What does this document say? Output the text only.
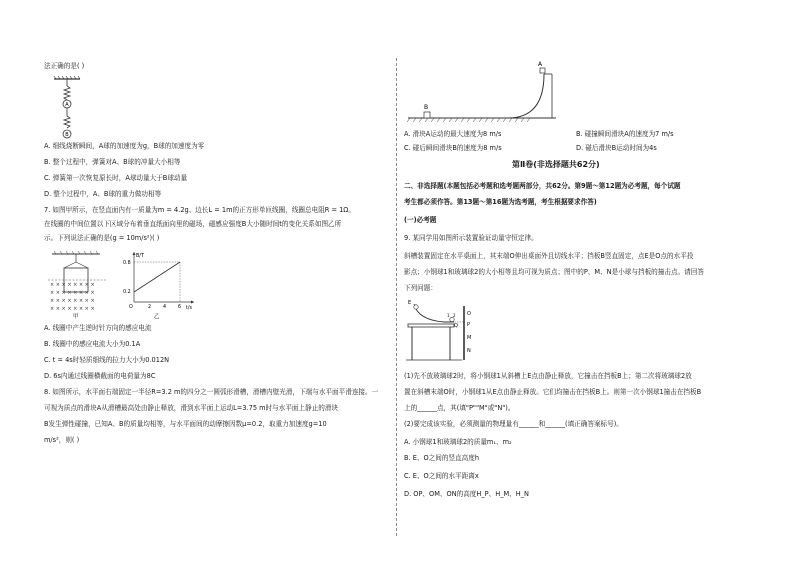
法正确的是( )
A
B
A. 细线烧断瞬间，A球的加速度为g，B球的加速度为零
B. 整个过程中，弹簧对A、B球的冲量大小相等
C. 弹簧第一次恢复原长时，A球动量大于B球动量
D. 整个过程中，A、B球的重力做功相等
7. 如图甲所示，在竖直面内有一质量为m = 4.2g、边长L = 1m的正方形单匝线圈，线圈总电阻R = 1Ω。
在线圈的中间位置以下区域分布着垂直纸面向里的磁场，磁感应强度B大小随时间t的变化关系如图乙所
示。下列说法正确的是(g = 10m/s²)( )
× × × × × × × ×
× × × × × × × ×
× × × × × × × ×
× × × × × × × ×
甲
B/T
t/s
O
0.8
0.2
2 4 6
乙
A. 线圈中产生逆时针方向的感应电流
B. 线圈中的感应电流大小为0.1A
C. t = 4s时轻质细线的拉力大小为0.012N
D. 6s内通过线圈横截面的电荷量为8C
8. 如图所示，水平面右端固定一半径R=3.2 m的四分之一圆弧形滑槽，滑槽内壁光滑，下端与水平面平滑连接。一
可视为质点的滑块A从滑槽最高处由静止释放，滑到水平面上运动L=3.75 m时与水平面上静止的滑块
B发生弹性碰撞，已知A、B的质量均相等，与水平面间的动摩擦因数μ=0.2，取重力加速度g=10
m/s²，则( )
A
B
A. 滑块A运动的最大速度为8 m/s	B. 碰撞瞬间滑块A的速度为7 m/s
C. 碰后瞬间滑块B的速度为8 m/s	D. 碰后滑块B运动时间为4s
第Ⅱ卷(非选择题共62分)
二、非选择题(本题包括必考题和选考题两部分，共62分。第9题～第12题为必考题，每个试题
考生都必须作答。第13题～第16题为选考题，考生根据要求作答)
(一)必考题
9. 某同学用如图所示装置验证动量守恒定律。
斜槽装置固定在水平桌面上，其末端O伸出桌面外且切线水平；挡板B竖直固定，点E是O点的水平投
影点；小钢球1和玻璃球2的大小相等且均可视为质点；图中的P、M、N是小球与挡板的撞击点。请回答
下列问题：
E
1 2
Q
O
P
M
N
(1)先不放玻璃球2时，将小钢球1从斜槽上E点由静止释放，它撞击在挡板B上；第二次将玻璃球2放
置在斜槽末端O时，小钢球1从E点由静止释放。它们均撞击在挡板B上。则第一次小钢球1撞击在挡板B
上的______点，其(填"P""M"或"N")。
(2)要完成该实验，必须测量的物理量有______和______(填正确答案标号)。
A. 小钢球1和玻璃球2的质量m₁、m₂
B. E、O之间的竖直高度h
C. E、O之间的水平距离x
D. OP、OM、ON的高度H_P、H_M、H_N
